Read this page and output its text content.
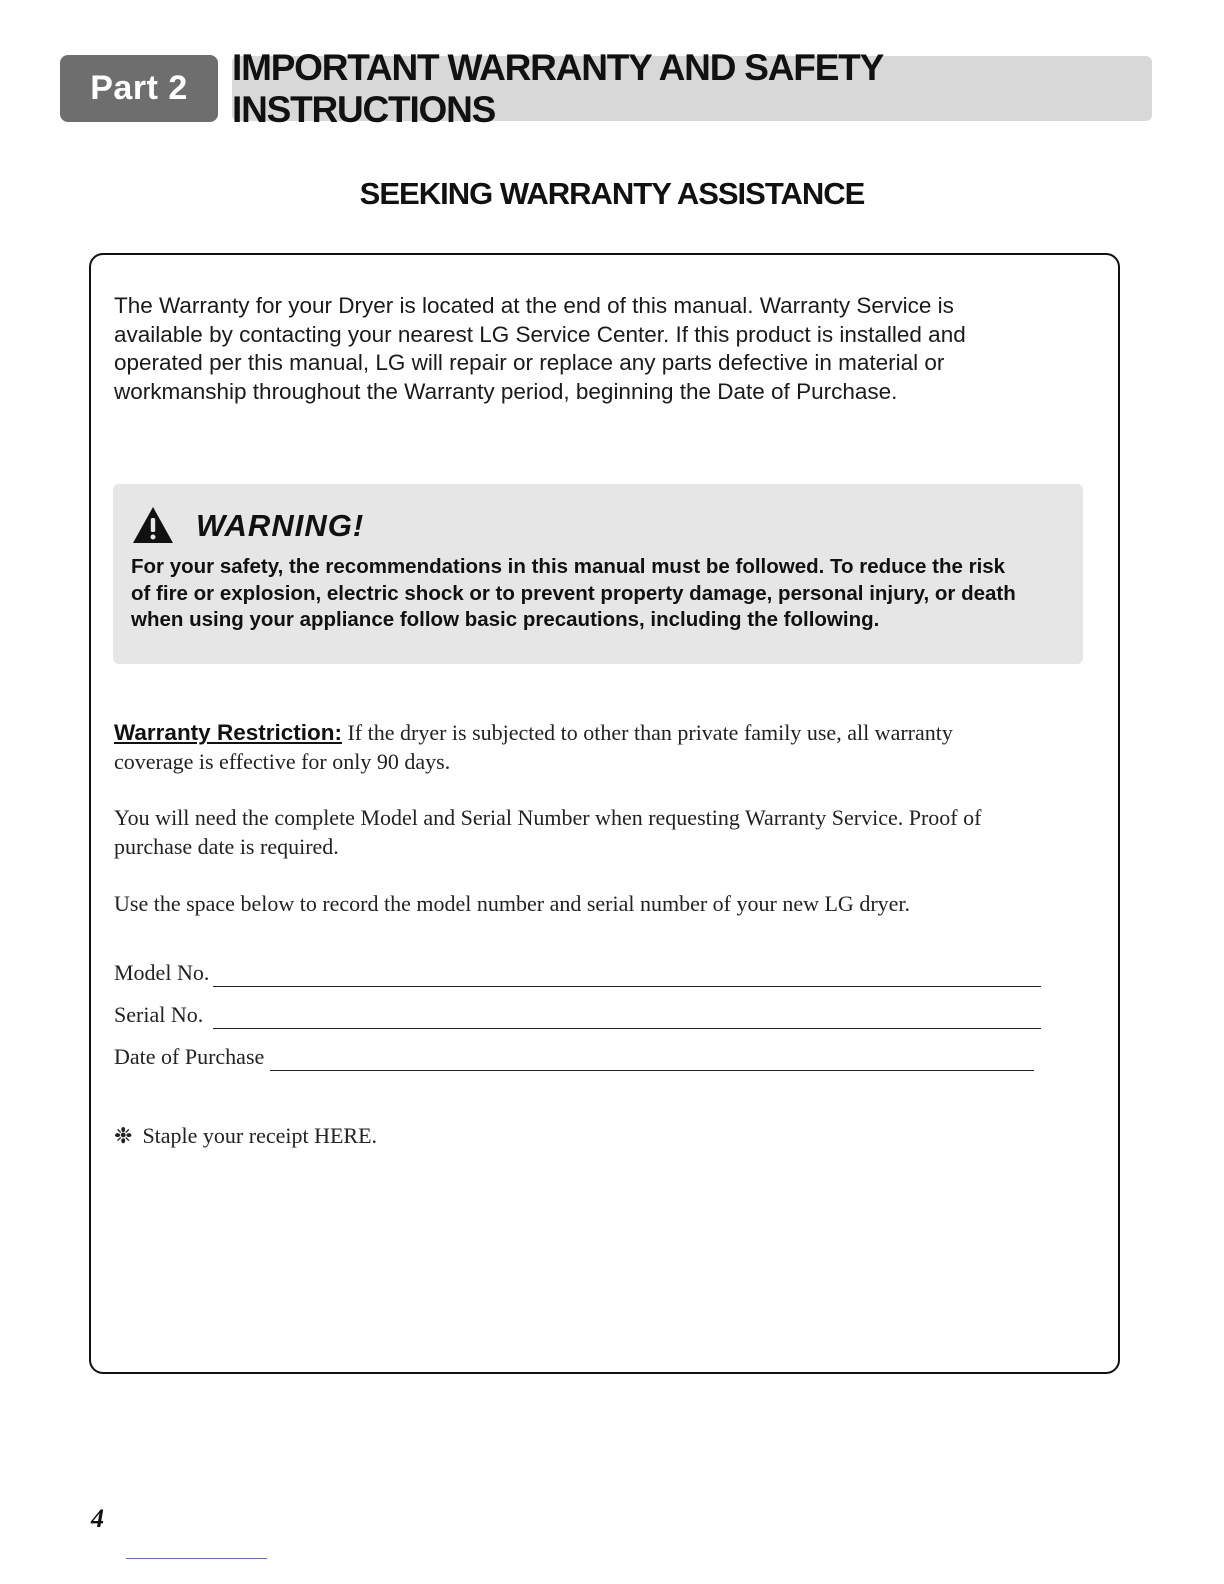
Part 2
IMPORTANT WARRANTY AND SAFETY INSTRUCTIONS
SEEKING WARRANTY ASSISTANCE
The Warranty for your Dryer is located at the end of this manual. Warranty Service is
available by contacting your nearest LG Service Center. If this product is installed and
operated per this manual, LG will repair or replace any parts defective in material or
workmanship throughout the Warranty period, beginning the Date of Purchase.
WARNING!
For your safety, the recommendations in this manual must be followed. To reduce the risk
of fire or explosion, electric shock or to prevent property damage, personal injury, or death
when using your appliance follow basic precautions, including the following.
Warranty Restriction: If the dryer is subjected to other than private family use, all warranty
coverage is effective for only 90 days.
You will need the complete Model and Serial Number when requesting Warranty Service. Proof of
purchase date is required.
Use the space below to record the model number and serial number of your new LG dryer.
Model No.
Serial No.
Date of Purchase
❉ Staple your receipt HERE.
4
